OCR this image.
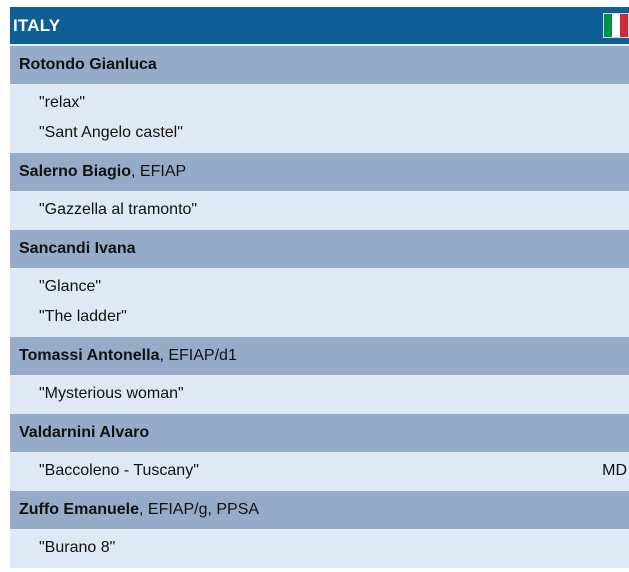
ITALY
Rotondo Gianluca
"relax"
"Sant Angelo castel"
Salerno Biagio , EFIAP
"Gazzella al tramonto"
Sancandi Ivana
"Glance"
"The ladder"
Tomassi Antonella , EFIAP/d1
"Mysterious woman"
Valdarnini Alvaro
"Baccoleno - Tuscany"	MD
Zuffo Emanuele , EFIAP/g, PPSA
"Burano 8"
